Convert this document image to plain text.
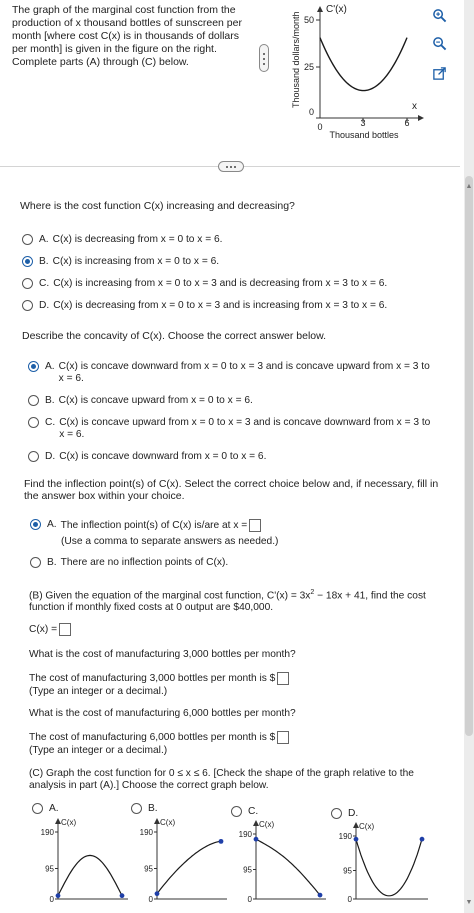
The graph of the marginal cost function from the production of x thousand bottles of sunscreen per month [where cost C(x) is in thousands of dollars per month] is given in the figure on the right. Complete parts (A) through (C) below.
C'(x)
Thousand dollars/month 50
25
0
0	3	6
x
Thousand bottles
▲
▼
Where is the cost function C(x) increasing and decreasing?
A. C(x) is decreasing from x = 0 to x = 6.
B. C(x) is increasing from x = 0 to x = 6.
C. C(x) is increasing from x = 0 to x = 3 and is decreasing from x = 3 to x = 6.
D. C(x) is decreasing from x = 0 to x = 3 and is increasing from x = 3 to x = 6.
Describe the concavity of C(x). Choose the correct answer below.
A. C(x) is concave downward from x = 0 to x = 3 and is concave upward from x = 3 to x = 6.
B. C(x) is concave upward from x = 0 to x = 6.
C. C(x) is concave upward from x = 0 to x = 3 and is concave downward from x = 3 to x = 6.
D. C(x) is concave downward from x = 0 to x = 6.
Find the inflection point(s) of C(x). Select the correct choice below and, if necessary, fill in the answer box within your choice.
A. The inflection point(s) of C(x) is/are at x =
(Use a comma to separate answers as needed.)
B. There are no inflection points of C(x).
(B) Given the equation of the marginal cost function, $C'(x) = 3x^2 - 18x + 41$, find the cost function if monthly fixed costs at 0 output are $40,000.
C(x) =
What is the cost of manufacturing 3,000 bottles per month?
The cost of manufacturing 3,000 bottles per month is $
(Type an integer or a decimal.)
What is the cost of manufacturing 6,000 bottles per month?
The cost of manufacturing 6,000 bottles per month is $
(Type an integer or a decimal.)
(C) Graph the cost function for 0 ≤ x ≤ 6. [Check the shape of the graph relative to the analysis in part (A).] Choose the correct graph below.
A.	B.	C.	D.
C(x)
190
95
0
C(x)
190
95
0
C(x)
190
95
0
C(x)
190
95
0
